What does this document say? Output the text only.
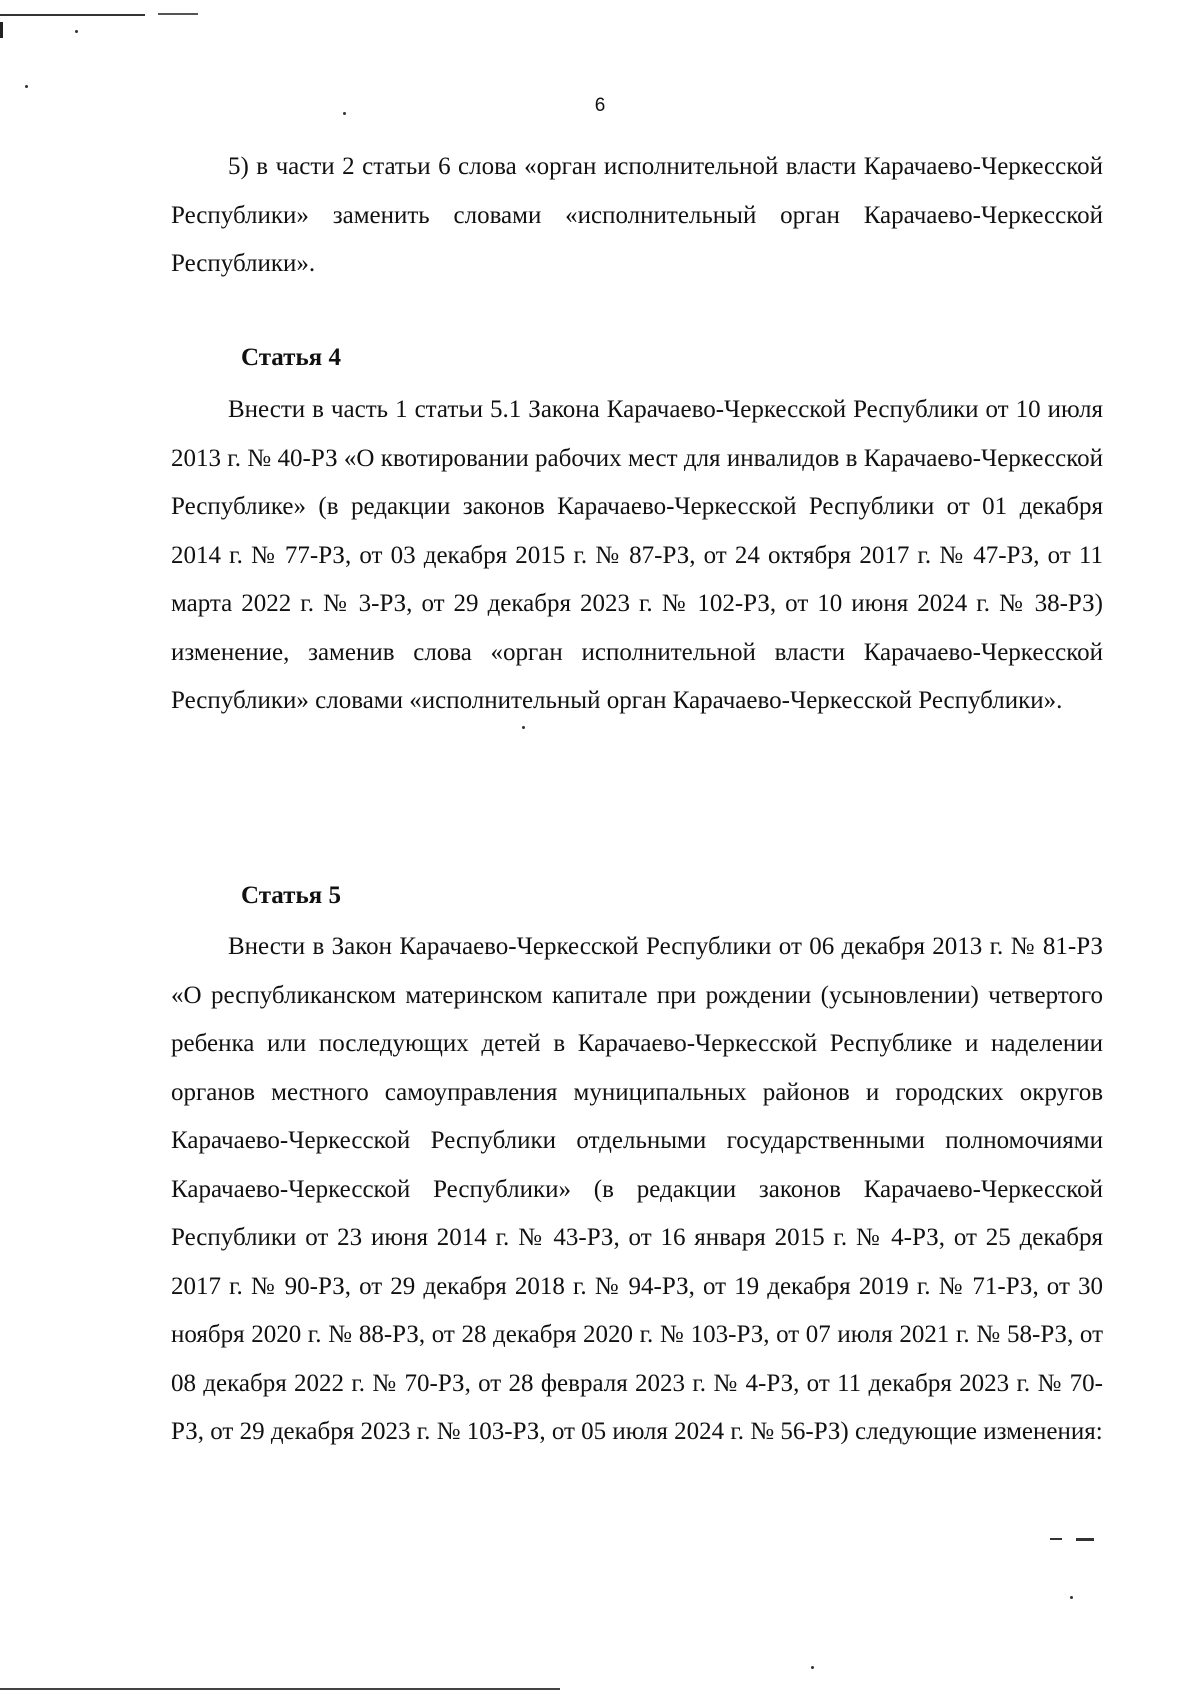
6

5) в части 2 статьи 6 слова «орган исполнительной власти Карачаево-Черкесской Республики» заменить словами «исполнительный орган Карачаево-Черкесской Республики».

Статья 4

Внести в часть 1 статьи 5.1 Закона Карачаево-Черкесской Республики от 10 июля 2013 г. № 40-РЗ «О квотировании рабочих мест для инвалидов в Карачаево-Черкесской Республике» (в редакции законов Карачаево-Черкесской Республики от 01 декабря 2014 г. № 77-РЗ, от 03 декабря 2015 г. № 87-РЗ, от 24 октября 2017 г. № 47-РЗ, от 11 марта 2022 г. № 3-РЗ, от 29 декабря 2023 г. № 102-РЗ, от 10 июня 2024 г. № 38-РЗ) изменение, заменив слова «орган исполнительной власти Карачаево-Черкесской Республики» словами «исполнительный орган Карачаево-Черкесской Республики».

Статья 5

Внести в Закон Карачаево-Черкесской Республики от 06 декабря 2013 г. № 81-РЗ «О республиканском материнском капитале при рождении (усыновлении) четвертого ребенка или последующих детей в Карачаево-Черкесской Республике и наделении органов местного самоуправления муниципальных районов и городских округов Карачаево-Черкесской Республики отдельными государственными полномочиями Карачаево-Черкесской Республики» (в редакции законов Карачаево-Черкесской Республики от 23 июня 2014 г. № 43-РЗ, от 16 января 2015 г. № 4-РЗ, от 25 декабря 2017 г. № 90-РЗ, от 29 декабря 2018 г. № 94-РЗ, от 19 декабря 2019 г. № 71-РЗ, от 30 ноября 2020 г. № 88-РЗ, от 28 декабря 2020 г. № 103-РЗ, от 07 июля 2021 г. № 58-РЗ, от 08 декабря 2022 г. № 70-РЗ, от 28 февраля 2023 г. № 4-РЗ, от 11 декабря 2023 г. № 70-РЗ, от 29 декабря 2023 г. № 103-РЗ, от 05 июля 2024 г. № 56-РЗ) следующие изменения:
